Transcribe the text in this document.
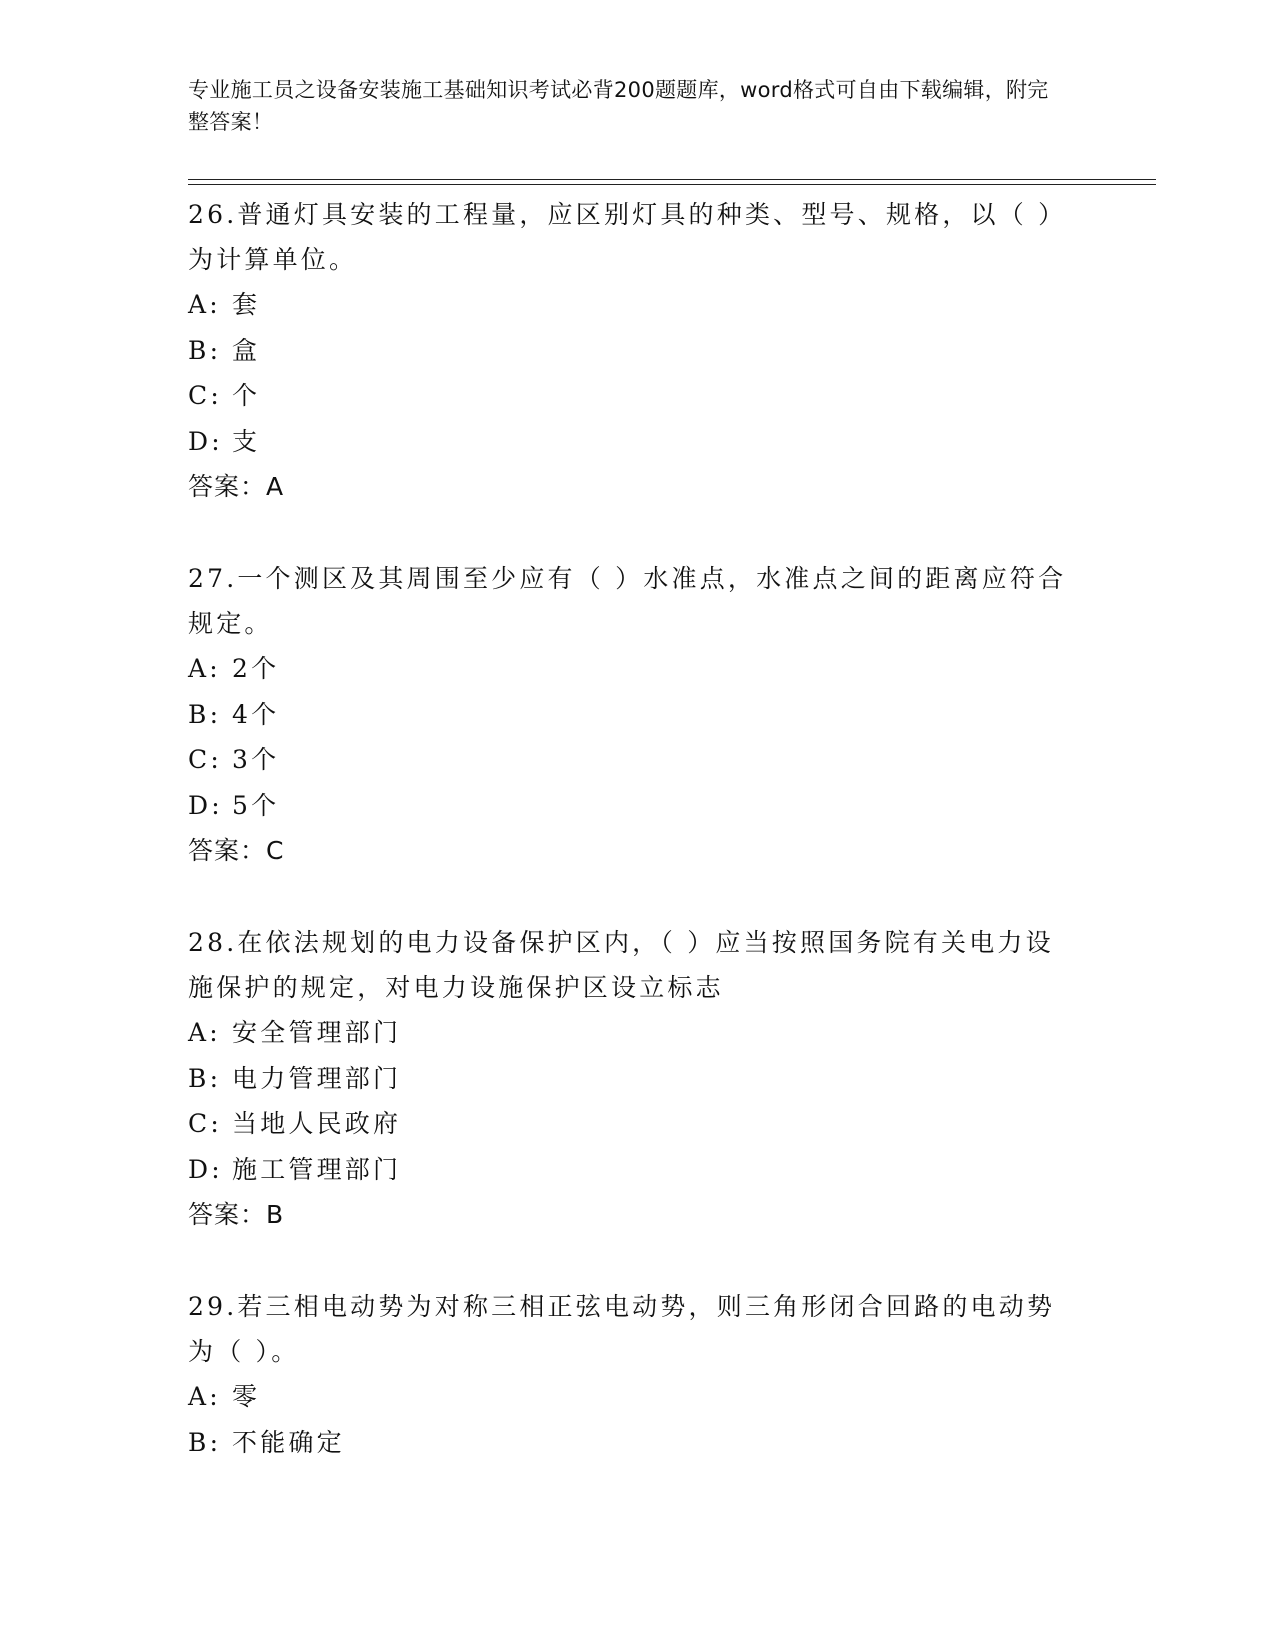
专业施工员之设备安装施工基础知识考试必背200题题库，word格式可自由下载编辑，附完整答案！

26.普通灯具安装的工程量，应区别灯具的种类、型号、规格，以（ ）为计算单位。

A: 套
B: 盒
C: 个
D: 支
答案：A

27.一个测区及其周围至少应有（ ）水准点，水准点之间的距离应符合规定。

A: 2个
B: 4个
C: 3个
D: 5个
答案：C

28.在依法规划的电力设备保护区内，（ ）应当按照国务院有关电力设施保护的规定，对电力设施保护区设立标志

A: 安全管理部门
B: 电力管理部门
C: 当地人民政府
D: 施工管理部门
答案：B

29.若三相电动势为对称三相正弦电动势，则三角形闭合回路的电动势为（ ）。

A: 零
B: 不能确定
